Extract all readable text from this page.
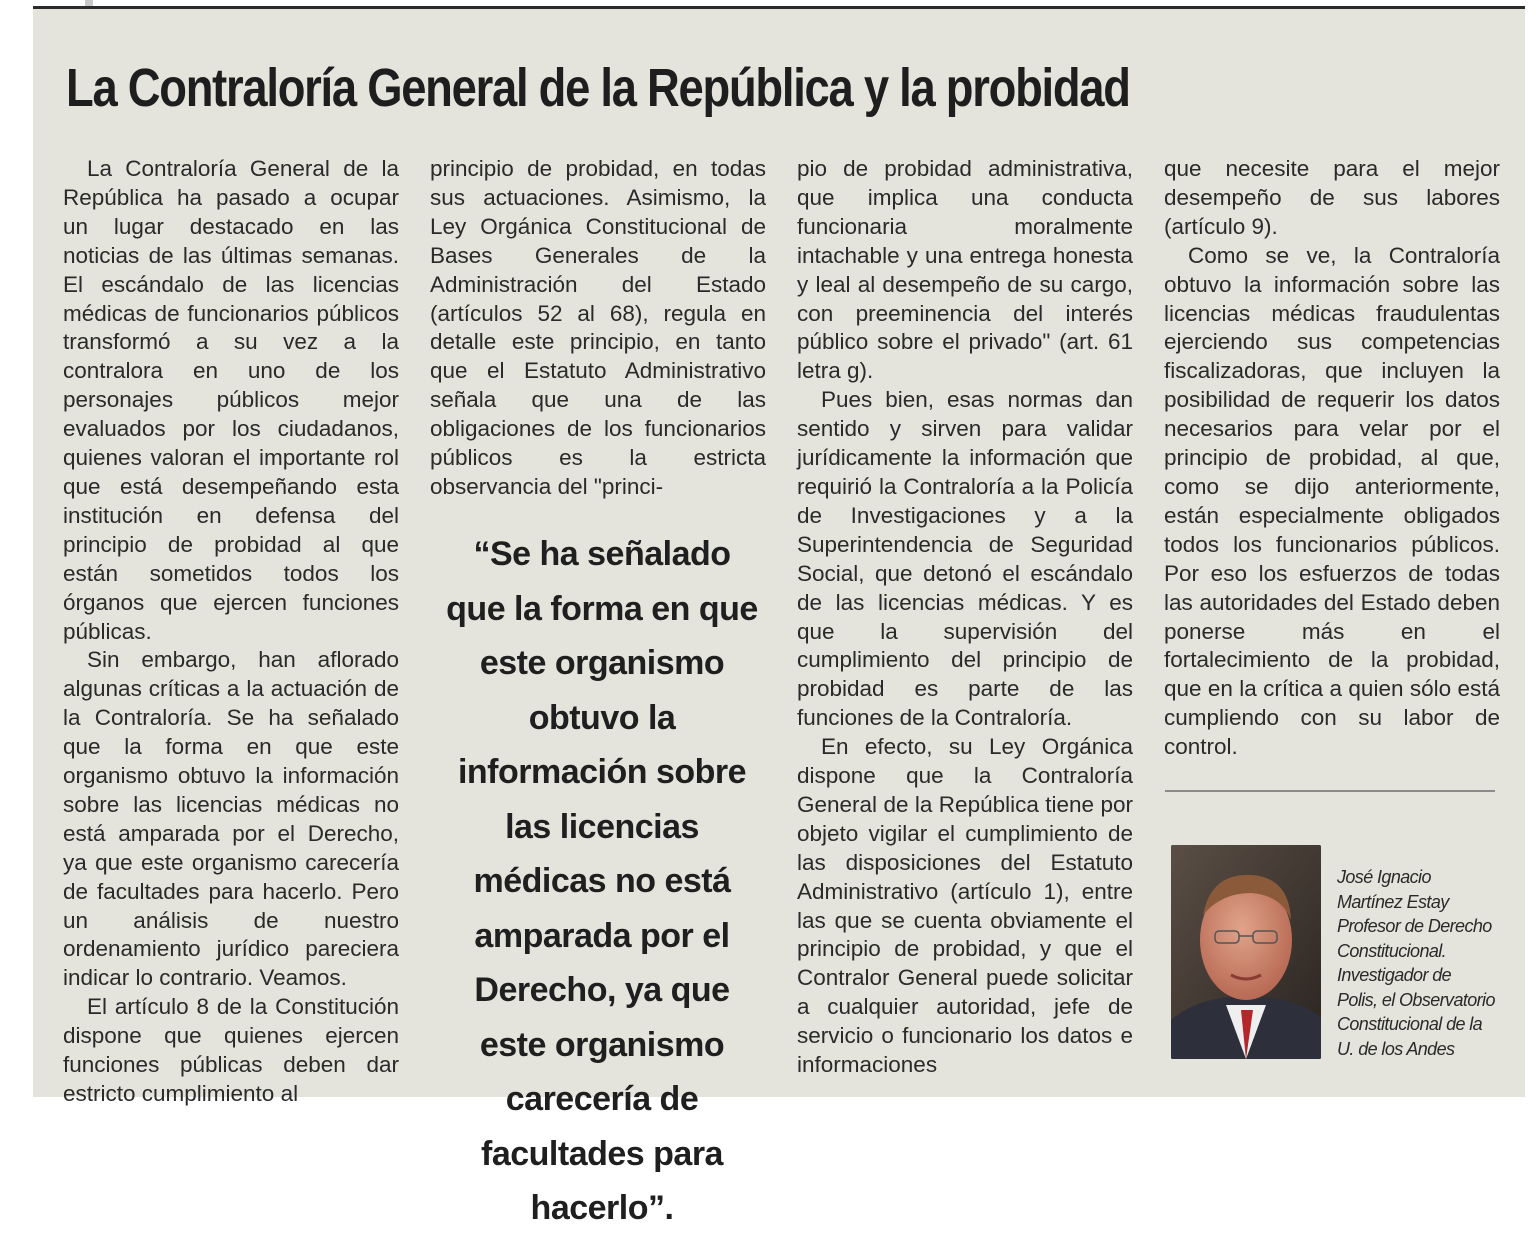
La Contraloría General de la República y la probidad

La Contraloría General de la República ha pasado a ocupar un lugar destacado en las noticias de las últimas semanas. El escándalo de las licencias médicas de funcionarios públicos transformó a su vez a la contralora en uno de los personajes públicos mejor evaluados por los ciudadanos, quienes valoran el importante rol que está desempeñando esta institución en defensa del principio de probidad al que están sometidos todos los órganos que ejercen funciones públicas.

Sin embargo, han aflorado algunas críticas a la actuación de la Contraloría. Se ha señalado que la forma en que este organismo obtuvo la información sobre las licencias médicas no está amparada por el Derecho, ya que este organismo carecería de facultades para hacerlo. Pero un análisis de nuestro ordenamiento jurídico pareciera indicar lo contrario. Veamos.

El artículo 8 de la Constitución dispone que quienes ejercen funciones públicas deben dar estricto cumplimiento al

principio de probidad, en todas sus actuaciones. Asimismo, la Ley Orgánica Constitucional de Bases Generales de la Administración del Estado (artículos 52 al 68), regula en detalle este principio, en tanto que el Estatuto Administrativo señala que una de las obligaciones de los funcionarios públicos es la estricta observancia del "princi-

“Se ha señalado que la forma en que este organismo obtuvo la información sobre las licencias médicas no está amparada por el Derecho, ya que este organismo carecería de facultades para hacerlo”.

pio de probidad administrativa, que implica una conducta funcionaria moralmente intachable y una entrega honesta y leal al desempeño de su cargo, con preeminencia del interés público sobre el privado" (art. 61 letra g).

Pues bien, esas normas dan sentido y sirven para validar jurídicamente la información que requirió la Contraloría a la Policía de Investigaciones y a la Superintendencia de Seguridad Social, que detonó el escándalo de las licencias médicas. Y es que la supervisión del cumplimiento del principio de probidad es parte de las funciones de la Contraloría.

En efecto, su Ley Orgánica dispone que la Contraloría General de la República tiene por objeto vigilar el cumplimiento de las disposiciones del Estatuto Administrativo (artículo 1), entre las que se cuenta obviamente el principio de probidad, y que el Contralor General puede solicitar a cualquier autoridad, jefe de servicio o funcionario los datos e informaciones

que necesite para el mejor desempeño de sus labores (artículo 9).

Como se ve, la Contraloría obtuvo la información sobre las licencias médicas fraudulentas ejerciendo sus competencias fiscalizadoras, que incluyen la posibilidad de requerir los datos necesarios para velar por el principio de probidad, al que, como se dijo anteriormente, están especialmente obligados todos los funcionarios públicos. Por eso los esfuerzos de todas las autoridades del Estado deben ponerse más en el fortalecimiento de la probidad, que en la crítica a quien sólo está cumpliendo con su labor de control.

José Ignacio
Martínez Estay
Profesor de Derecho
Constitucional.
Investigador de
Polis, el Observatorio
Constitucional de la
U. de los Andes
